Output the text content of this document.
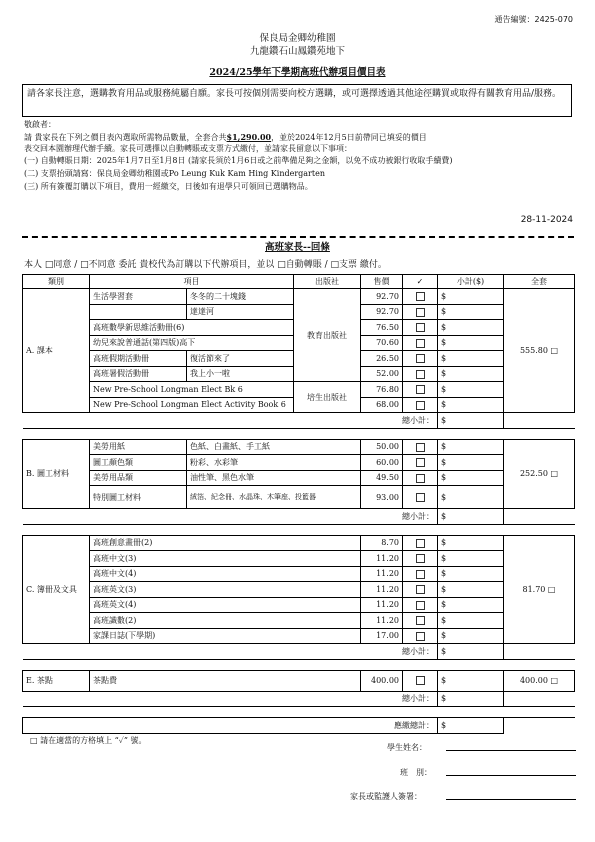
通告編號：2425-070
保良局金卿幼稚園
九龍鑽石山鳳鑽苑地下
2024/25學年下學期高班代辦項目價目表
請各家長注意，選購教育用品或服務純屬自願。家長可按個別需要向校方選購，或可選擇透過其他途徑購買或取得有關教育用品/服務。
敬啟者：
請 貴家長在下列之價目表內選取所需物品數量，全套合共$1,290.00，並於2024年12月5日前帶同已填妥的價目
表交回本園辦理代辦手續。家長可選擇以自動轉賬或支票方式繳付，並請家長留意以下事項：
(一) 自動轉賬日期：2025年1月7日至1月8日 (請家長須於1月6日或之前準備足夠之金額，以免不成功被銀行收取手續費)
(二) 支票抬頭請寫：保良局金卿幼稚園或Po Leung Kuk Kam Hing Kindergarten
(三) 所有簽覆訂購以下項目，費用一經繳交，日後如有退學只可領回已選購物品。
28-11-2024
高班家長--回條
本人 □同意 / □不同意 委託 貴校代為訂購以下代辦項目，並以 □自動轉賬 / □支票 繳付。
類別	項目		出版社	售價	✓	小計($)	全套
A. 課本	生活學習套	冬冬的二十塊錢	教育出版社	92.70		$	555.80 □
		達達河		92.70		$	
	高班數學新思維活動冊(6)			76.50		$	
	幼兒來說普通話(第四版)高下			70.60		$	
	高班假期活動冊	復活節來了		26.50		$	
	高班暑假活動冊	我上小一啦		52.00		$	
	New Pre-School Longman Elect Bk 6		培生出版社	76.80		$	
	New Pre-School Longman Elect Activity Book 6			68.00		$	
總小計：						$	

B. 圖工材料	美勞用紙	色紙、白畫紙、手工紙		50.00		$	252.50 □
	圖工顏色類	粉彩、水彩筆		60.00		$	
	美勞用品類	油性筆、黑色水筆		49.50		$	
	特別圖工材料	絨箔、紀念冊、水晶珠、木筆座、投籃器		93.00		$	
總小計：						$	

C. 簿冊及文具	高班創意畫冊(2)			8.70		$	81.70 □
	高班中文(3)			11.20		$	
	高班中文(4)			11.20		$	
	高班英文(3)			11.20		$	
	高班英文(4)			11.20		$	
	高班識數(2)			11.20		$	
	家課日誌(下學期)			17.00		$	
總小計：						$	

E. 茶點	茶點費			400.00		$	400.00 □
總小計：						$	

應繳總計：						$	
□ 請在適當的方格填上 “✓” 號。
學生姓名：
班　別：
家長或監護人簽署：
